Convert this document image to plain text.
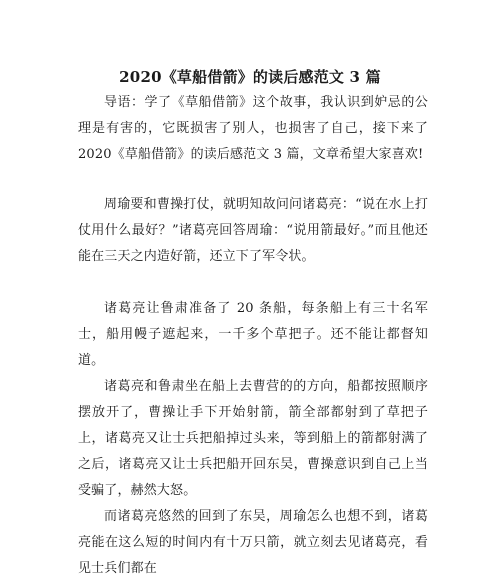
2020《草船借箭》的读后感范文 3 篇

导语：学了《草船借箭》这个故事，我认识到妒忌的公理是有害的，它既损害了别人，也损害了自己，接下来了 2020《草船借箭》的读后感范文 3 篇，文章希望大家喜欢!

周瑜要和曹操打仗，就明知故问问诸葛亮：“说在水上打仗用什么最好？”诸葛亮回答周瑜：“说用箭最好。”而且他还能在三天之内造好箭，还立下了军令状。

诸葛亮让鲁肃准备了 20 条船，每条船上有三十名军士，船用幔子遮起来，一千多个草把子。还不能让都督知道。

诸葛亮和鲁肃坐在船上去曹营的的方向，船都按照顺序摆放开了，曹操让手下开始射箭，箭全部都射到了草把子上，诸葛亮又让士兵把船掉过头来，等到船上的箭都射满了之后，诸葛亮又让士兵把船开回东吴，曹操意识到自己上当受骗了，赫然大怒。

而诸葛亮悠然的回到了东吴，周瑜怎么也想不到，诸葛亮能在这么短的时间内有十万只箭，就立刻去见诸葛亮，看见士兵们都在
